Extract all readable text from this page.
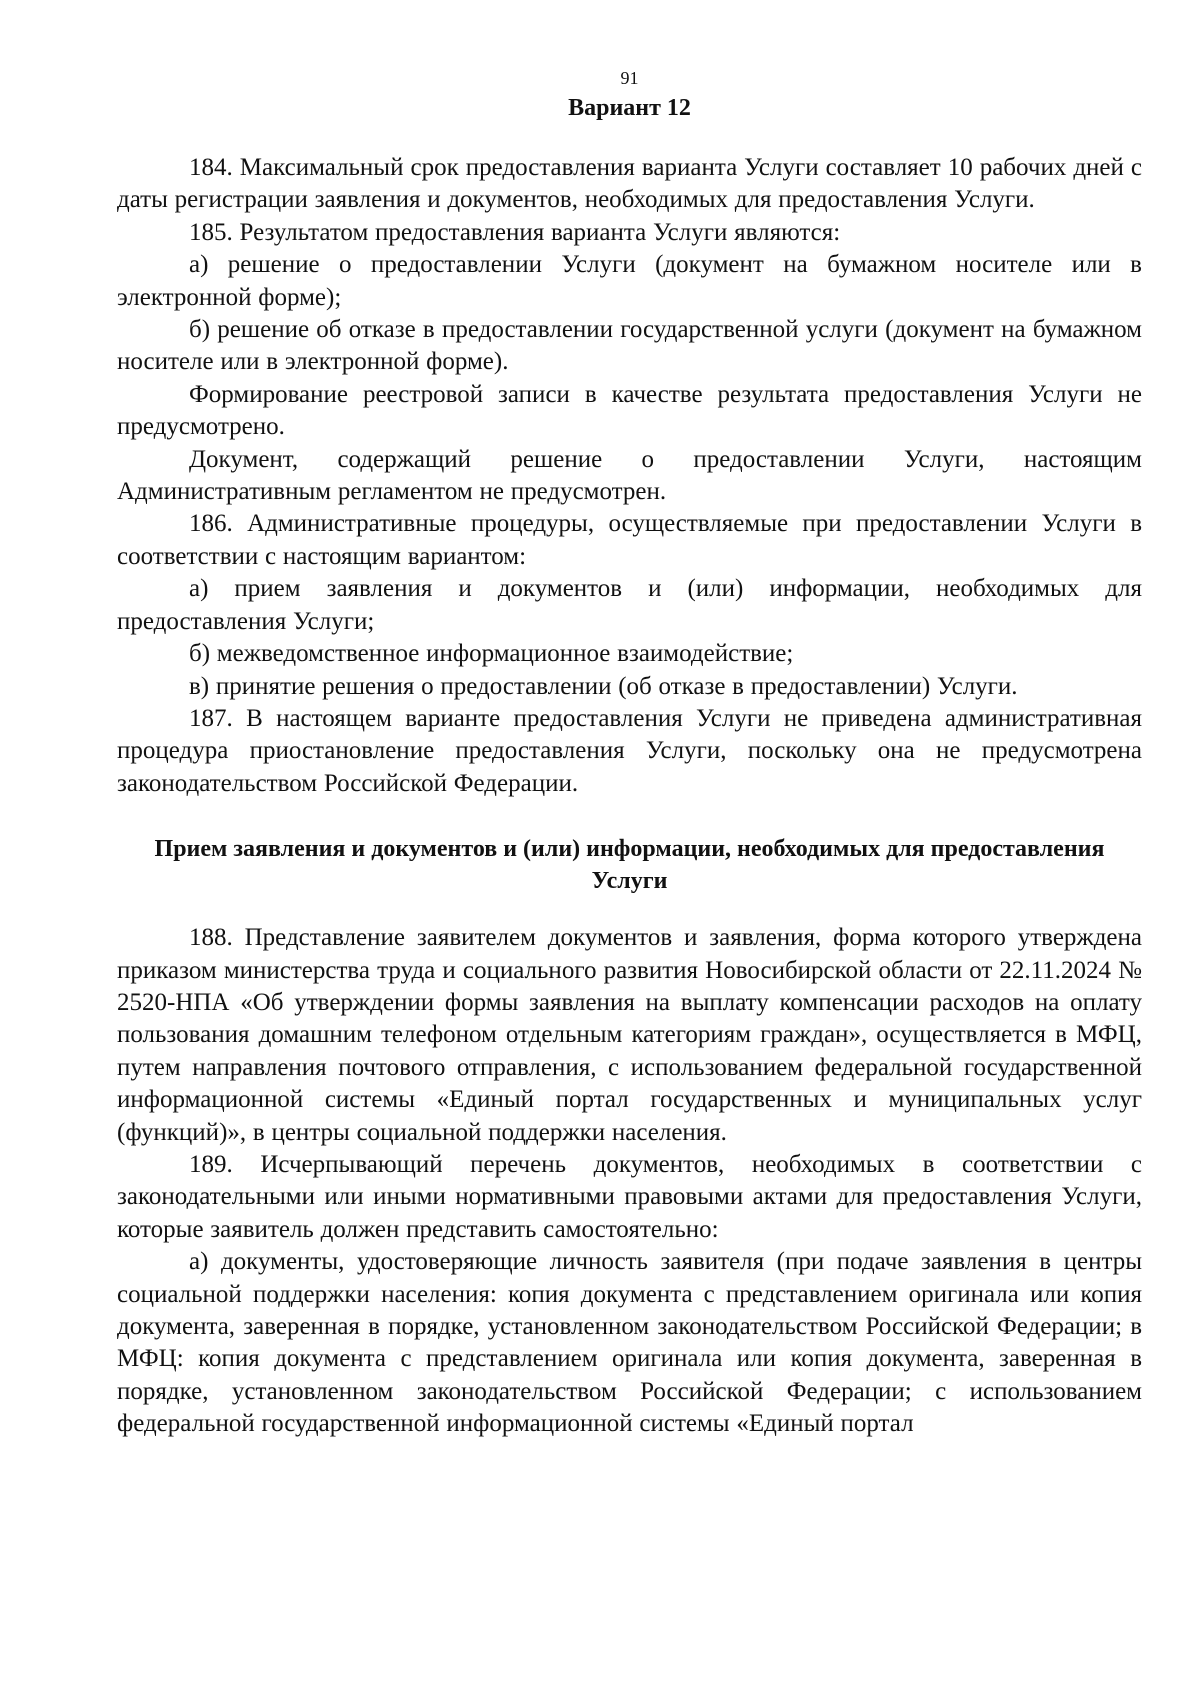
91
Вариант 12

184. Максимальный срок предоставления варианта Услуги составляет 10 рабочих дней с даты регистрации заявления и документов, необходимых для предоставления Услуги.

185. Результатом предоставления варианта Услуги являются:

а) решение о предоставлении Услуги (документ на бумажном носителе или в электронной форме);

б) решение об отказе в предоставлении государственной услуги (документ на бумажном носителе или в электронной форме).

Формирование реестровой записи в качестве результата предоставления Услуги не предусмотрено.

Документ, содержащий решение о предоставлении Услуги, настоящим Административным регламентом не предусмотрен.

186. Административные процедуры, осуществляемые при предоставлении Услуги в соответствии с настоящим вариантом:

а) прием заявления и документов и (или) информации, необходимых для предоставления Услуги;

б) межведомственное информационное взаимодействие;

в) принятие решения о предоставлении (об отказе в предоставлении) Услуги.

187. В настоящем варианте предоставления Услуги не приведена административная процедура приостановление предоставления Услуги, поскольку она не предусмотрена законодательством Российской Федерации.

Прием заявления и документов и (или) информации, необходимых для предоставления Услуги

188. Представление заявителем документов и заявления, форма которого утверждена приказом министерства труда и социального развития Новосибирской области от 22.11.2024 № 2520-НПА «Об утверждении формы заявления на выплату компенсации расходов на оплату пользования домашним телефоном отдельным категориям граждан», осуществляется в МФЦ, путем направления почтового отправления, с использованием федеральной государственной информационной системы «Единый портал государственных и муниципальных услуг (функций)», в центры социальной поддержки населения.

189. Исчерпывающий перечень документов, необходимых в соответствии с законодательными или иными нормативными правовыми актами для предоставления Услуги, которые заявитель должен представить самостоятельно:

а) документы, удостоверяющие личность заявителя (при подаче заявления в центры социальной поддержки населения: копия документа с представлением оригинала или копия документа, заверенная в порядке, установленном законодательством Российской Федерации; в МФЦ: копия документа с представлением оригинала или копия документа, заверенная в порядке, установленном законодательством Российской Федерации; с использованием федеральной государственной информационной системы «Единый портал
